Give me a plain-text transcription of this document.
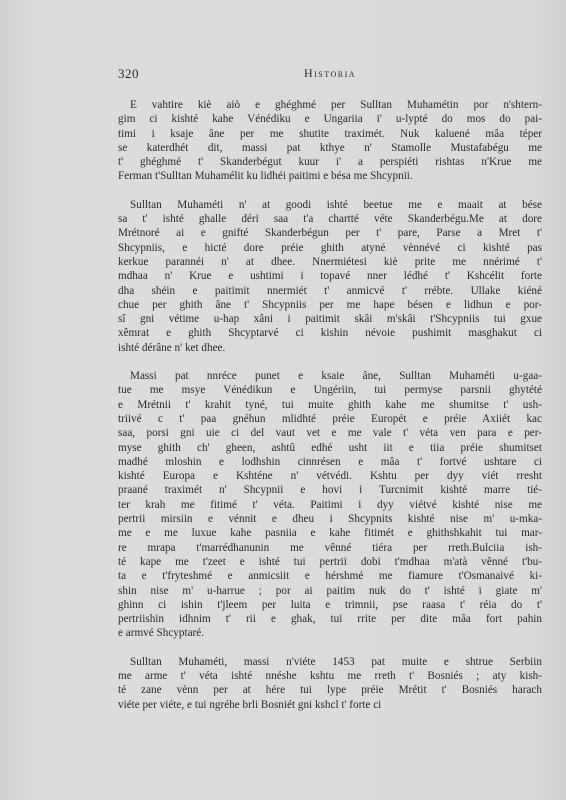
320	Historia
E vahtire kiè aiò e ghéghmé per Sulltan Muhamétin por n'shtern-
gim ci kishté kahe Vénédiku e Ungariia i' u-lypté do mos do pai-
timi i ksaje âne per me shutite traximét. Nuk kaluené mâa téper
se katerdhét dit, massi pat kthye n' Stamolle Mustafabégu me
t' ghéghmé t' Skanderbégut kuur i' a perspiéti rishtas n'Krue me
Ferman t'Sulltan Muhamélit ku lidhéi paitimi e bésa me Shcypnii.
Sulltan Muhaméti n' at goodi ishté beetue me e maait at bése
sa t' ishté ghalle déri saa t'a chartté véte Skanderbégu.Me at dore
Mrétnoré ai e gnifté Skanderbégun per t' pare, Parse a Mret t'
Shcypniis, e hicté dore préie ghith atyné vènnévé ci kishté pas
kerkue parannéi n' at dhee. Nnermiétesi kiè prite me nnérimé t'
mdhaa n' Krue e ushtimi i topavé nner lédhé t' Kshcélit forte
dha shéin e paitimit nnermiét t' anmicvé t' rrébte. Ullake kiéné
chue per ghith âne t' Shcypniis per me hape bésen e lidhun e por-
sî gni vétime u-hap xâni i paitimit skâi m'skâi t'Shcypniis tui gxue
xêmrat e ghith Shcyptarvé ci kishin névoie pushimit masghakut ci
ishté dérâne n' ket dhee.
Massi pat nnréce punet e ksaie âne, Sulltan Muhaméti u-gaa-
tue me msye Vénédikun e Ungériin, tui permyse parsnii ghytété
e Mrétnii t' krahit tyné, tui muite ghith kahe me shumitse t' ush-
triivé c t' paa gnéhun mlidhté préie Europét e préie Axiiét kac
saa, porsi gni uie ci del vaut vet e me vale t' véta ven para e per-
myse ghith ch' gheen, ashtû edhé usht iit e tiia préie shumitset
madhé mloshin e lodhshin cinnrésen e mâa t' fortvé ushtare ci
kishté Europa e Kshténe n' vétvédi. Kshtu per dyy viét rresht
praané traximét n' Shcypnii e hovi i Turcnimit kishté marre tié-
ter krah me fitimé t' véta. Paitimi i dyy viétvé kishté nise me
pertrii mirsiin e vénnit e dheu i Shcypnits kishté nise m' u-mka-
me e me luxue kahe pasniia e kahe fitimét e ghithshkahit tui mar-
re mrapa t'marrédhanunin me vênné tiéra per rreth.Bulciia ish-
té kape me t'zeet e ishté tui pertrii dobi t'mdhaa m'atà vênné t'bu-
ta e t'fryteshmé e anmicsiit e hérshmé me fiamure t'Osmanaivé ki-
shin nise m' u-harrue ; por ai paitim nuk do t' ishté i giate m'
ghinn ci ishin t'jleem per luita e trimnii, pse raasa t' réia do t'
pertriishin idhnim t' rii e ghak, tui rrite per dite mâa fort pahin
e armvé Shcyptaré.
Sulltan Muhaméti, massi n'viéte 1453 pat muite e shtrue Serbiin
me arme t' véta ishté nnéshe kshtu me rreth t' Bosniés ; aty kish-
té zane vènn per at hére tui lype préie Mrétit t' Bosniés harach
viéte per viéte, e tui ngréhe brli Bosniét gni kshcl t' forte ci
